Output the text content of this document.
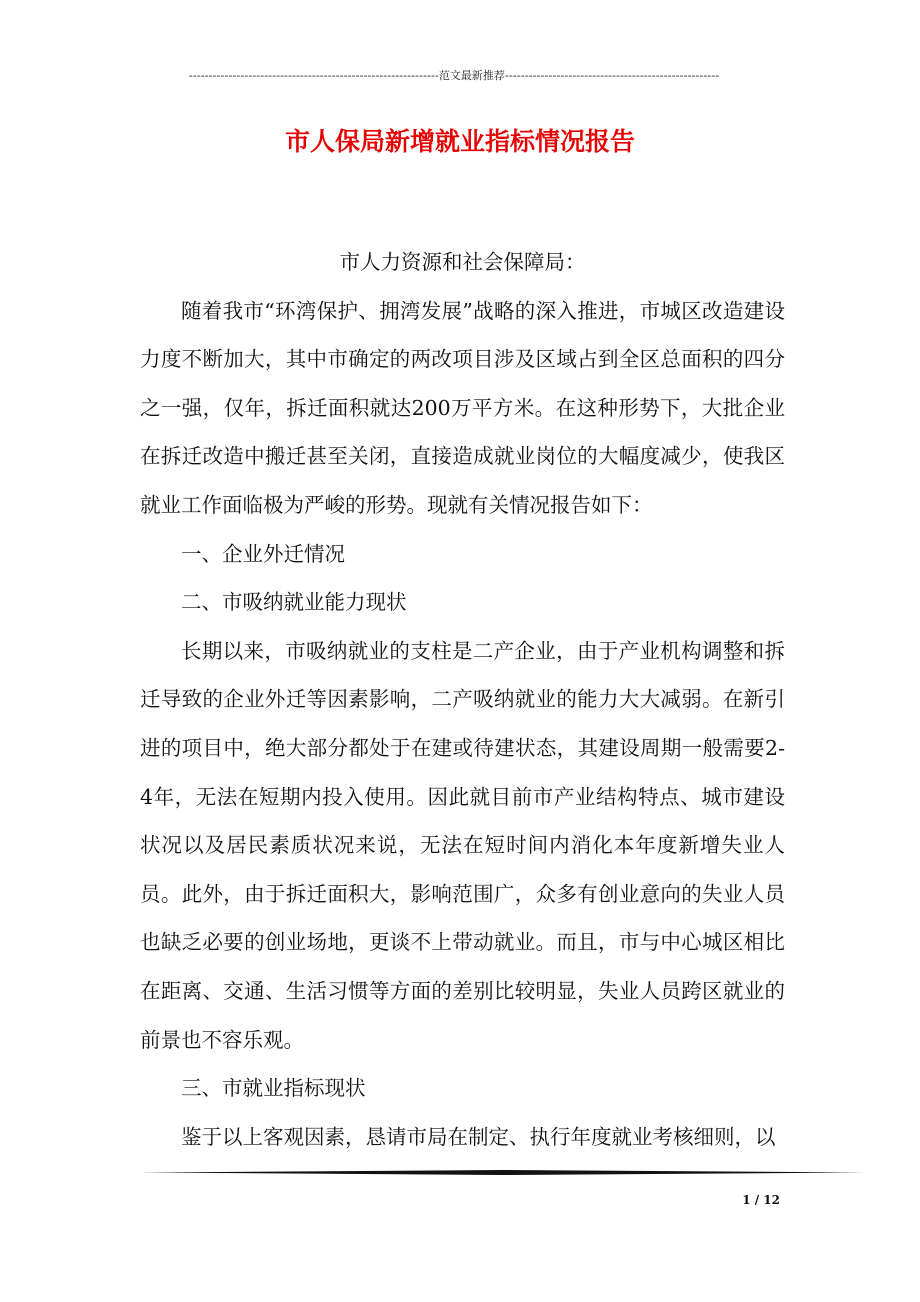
---------------------------------------------------------------范文最新推荐------------------------------------------------------
市人保局新增就业指标情况报告

市人力资源和社会保障局：

随着我市“环湾保护、拥湾发展”战略的深入推进，市城区改造建设力度不断加大，其中市确定的两改项目涉及区域占到全区总面积的四分之一强，仅年，拆迁面积就达200万平方米。在这种形势下，大批企业在拆迁改造中搬迁甚至关闭，直接造成就业岗位的大幅度减少，使我区就业工作面临极为严峻的形势。现就有关情况报告如下：

一、企业外迁情况

二、市吸纳就业能力现状

长期以来，市吸纳就业的支柱是二产企业，由于产业机构调整和拆迁导致的企业外迁等因素影响，二产吸纳就业的能力大大减弱。在新引进的项目中，绝大部分都处于在建或待建状态，其建设周期一般需要2-4年，无法在短期内投入使用。因此就目前市产业结构特点、城市建设状况以及居民素质状况来说，无法在短时间内消化本年度新增失业人员。此外，由于拆迁面积大，影响范围广，众多有创业意向的失业人员也缺乏必要的创业场地，更谈不上带动就业。而且，市与中心城区相比在距离、交通、生活习惯等方面的差别比较明显，失业人员跨区就业的前景也不容乐观。

三、市就业指标现状

鉴于以上客观因素，恳请市局在制定、执行年度就业考核细则，以

1 / 12
